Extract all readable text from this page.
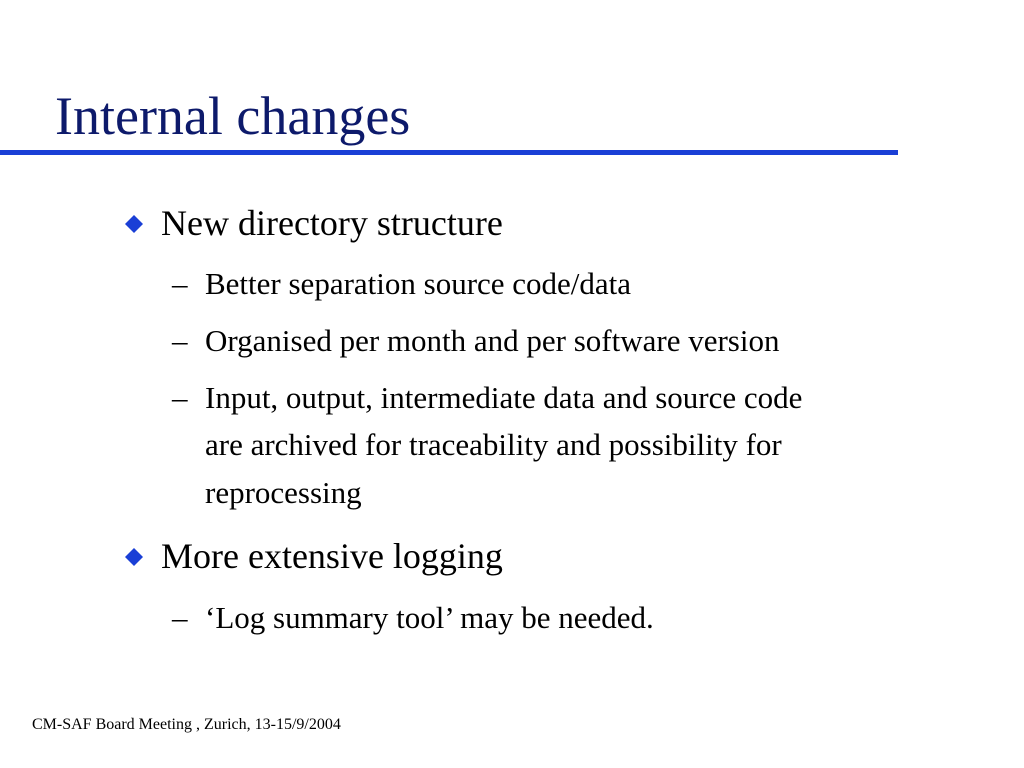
Internal changes
New directory structure
– Better separation source code/data
– Organised per month and per software version
– Input, output, intermediate data and source code
are archived for traceability and possibility for
reprocessing
More extensive logging
– ‘Log summary tool’ may be needed.
CM-SAF Board Meeting , Zurich, 13-15/9/2004
